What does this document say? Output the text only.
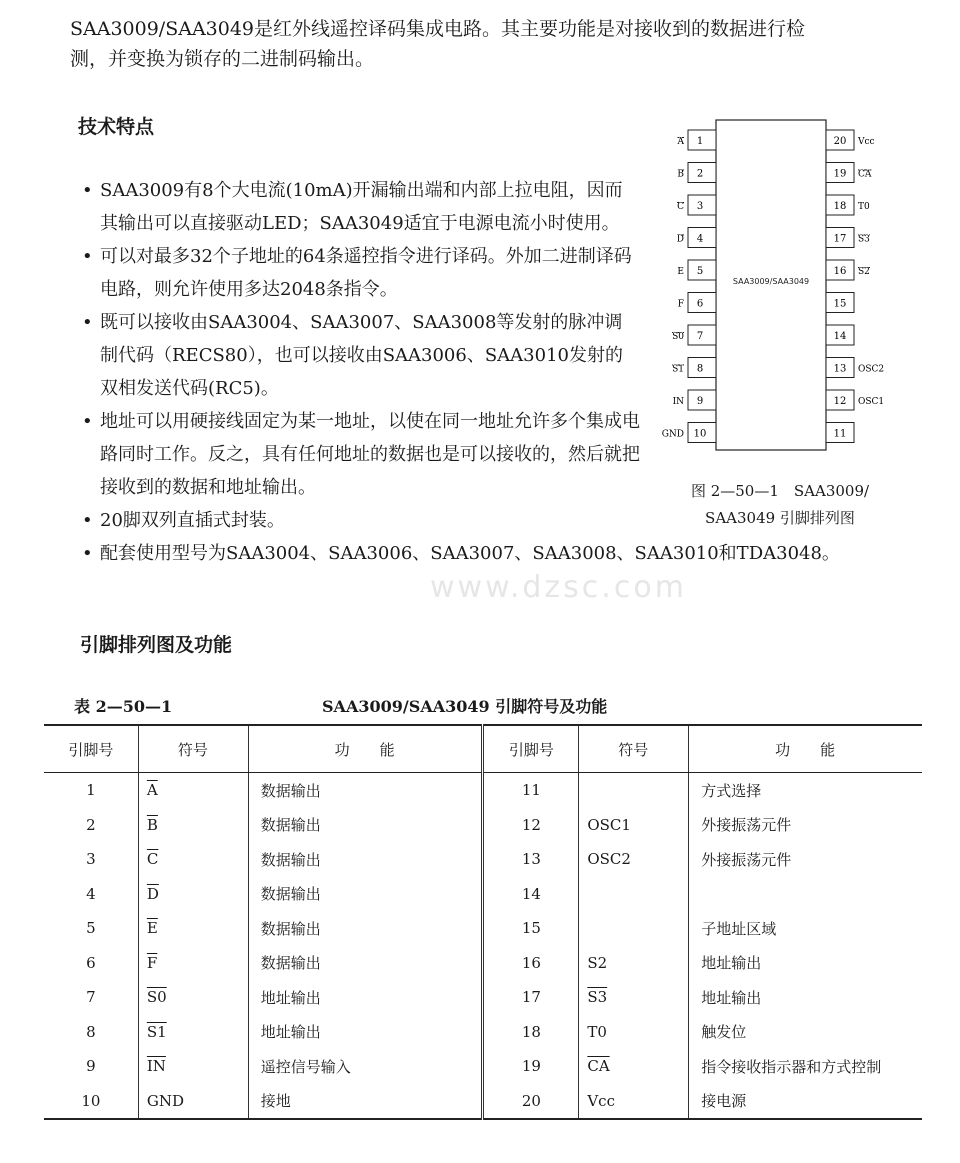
SAA3009/SAA3049是红外线遥控译码集成电路。其主要功能是对接收到的数据进行检
测，并变换为锁存的二进制码输出。
技术特点
• SAA3009有8个大电流(10mA)开漏输出端和内部上拉电阻，因而其输出可以直接驱动LED；SAA3049适宜于电源电流小时使用。
• 可以对最多32个子地址的64条遥控指令进行译码。外加二进制译码电路，则允许使用多达2048条指令。
• 既可以接收由SAA3004、SAA3007、SAA3008等发射的脉冲调制代码（RECS80），也可以接收由SAA3006、SAA3010发射的双相发送代码(RC5)。
• 地址可以用硬接线固定为某一地址，以使在同一地址允许多个集成电路同时工作。反之，具有任何地址的数据也是可以接收的，然后就把接收到的数据和地址输出。
• 20脚双列直插式封装。
• 配套使用型号为SAA3004、SAA3006、SAA3007、SAA3008、SAA3010和TDA3048。
SAA3009/SAA3049
1
A
2
B
3
C
4
D
5
E
6
F
7
S0
8
S1
9
IN
10
GND
20 Vcc
19 CA
18 T0
17 S3
16 S2
15
14
13 OSC2
12 OSC1
11
图 2—50—1　SAA3009/
SAA3049 引脚排列图
www.dzsc.com
引脚排列图及功能
表 2—50—1	SAA3009/SAA3049 引脚符号及功能
引脚号	符号	功　　能	引脚号	符号	功　　能
1	$\overline{A}$	数据输出	11		方式选择
2	$\overline{B}$	数据输出	12	OSC1	外接振荡元件
3	$\overline{C}$	数据输出	13	OSC2	外接振荡元件
4	$\overline{D}$	数据输出	14		
5	$\overline{E}$	数据输出	15		子地址区域
6	$\overline{F}$	数据输出	16	S2	地址输出
7	S0	地址输出	17	S3	地址输出
8	S1	地址输出	18	T0	触发位
9	$\overline{IN}$	遥控信号输入	19	$\overline{CA}$	指令接收指示器和方式控制
10	GND	接地	20	Vcc	接电源
